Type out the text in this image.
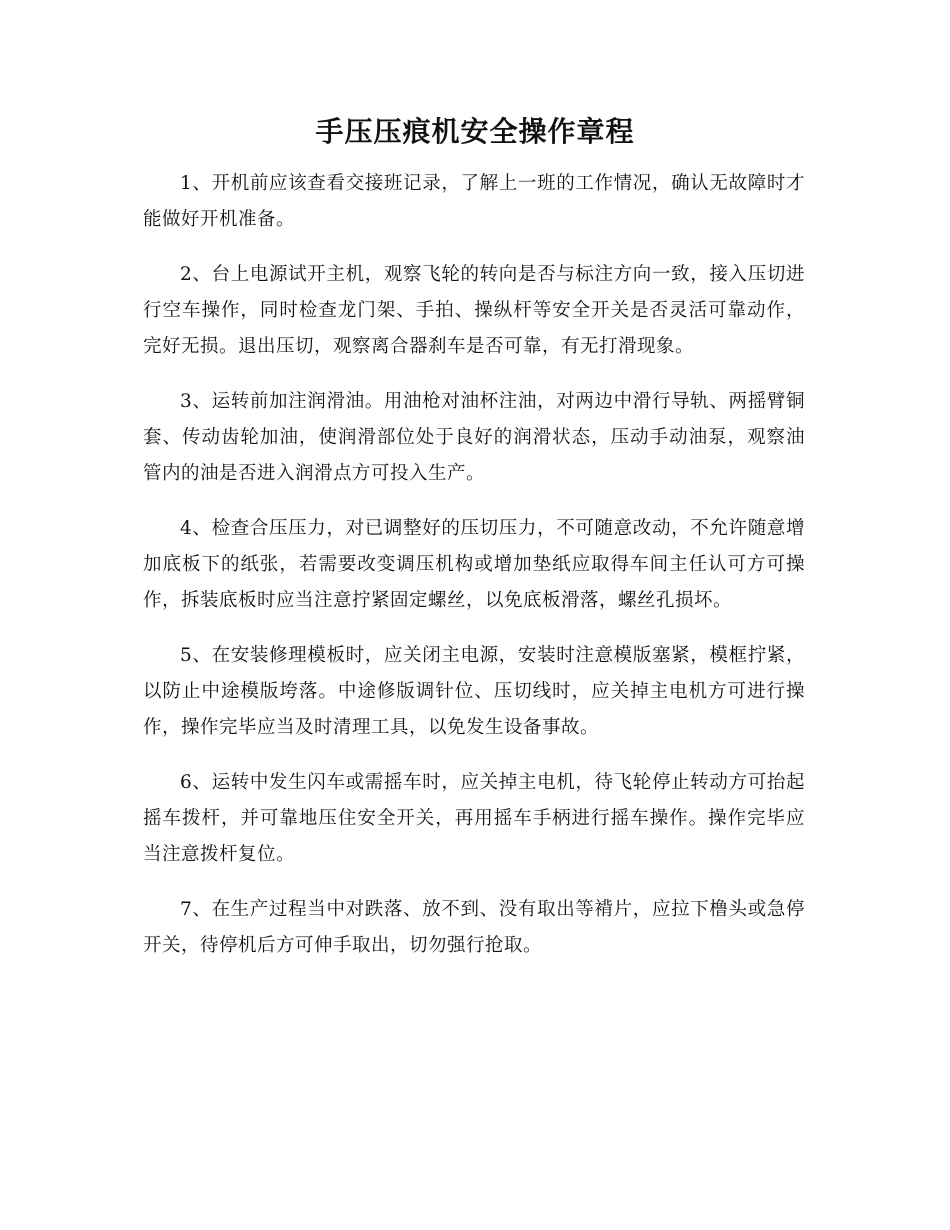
手压压痕机安全操作章程

1、开机前应该查看交接班记录，了解上一班的工作情况，确认无故障时才能做好开机准备。

2、台上电源试开主机，观察飞轮的转向是否与标注方向一致，接入压切进行空车操作，同时检查龙门架、手拍、操纵杆等安全开关是否灵活可靠动作，完好无损。退出压切，观察离合器刹车是否可靠，有无打滑现象。

3、运转前加注润滑油。用油枪对油杯注油，对两边中滑行导轨、两摇臂铜套、传动齿轮加油，使润滑部位处于良好的润滑状态，压动手动油泵，观察油管内的油是否进入润滑点方可投入生产。

4、检查合压压力，对已调整好的压切压力，不可随意改动，不允许随意增加底板下的纸张，若需要改变调压机构或增加垫纸应取得车间主任认可方可操作，拆装底板时应当注意拧紧固定螺丝，以免底板滑落，螺丝孔损坏。

5、在安装修理模板时，应关闭主电源，安装时注意模版塞紧，模框拧紧，以防止中途模版垮落。中途修版调针位、压切线时，应关掉主电机方可进行操作，操作完毕应当及时清理工具，以免发生设备事故。

6、运转中发生闪车或需摇车时，应关掉主电机，待飞轮停止转动方可抬起摇车拨杆，并可靠地压住安全开关，再用摇车手柄进行摇车操作。操作完毕应当注意拨杆复位。

7、在生产过程当中对跌落、放不到、没有取出等褙片，应拉下橹头或急停开关，待停机后方可伸手取出，切勿强行抢取。
